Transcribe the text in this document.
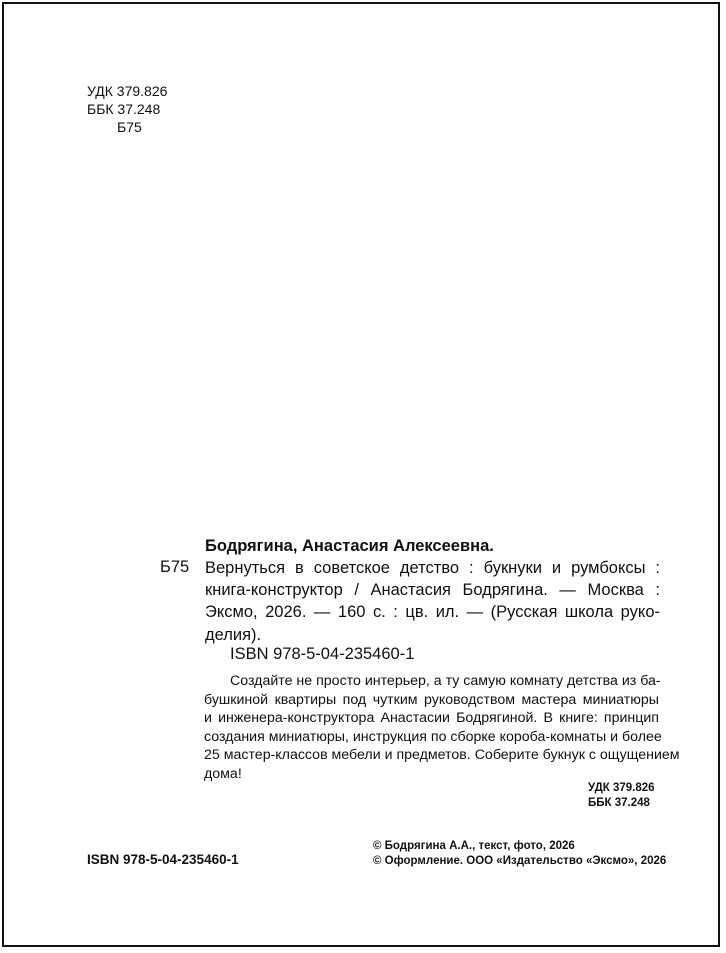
УДК 379.826
ББК 37.248
Б75
Бодрягина, Анастасия Алексеевна.
Б75 Вернуться в советское детство : букнуки и румбоксы :
книга-конструктор / Анастасия Бодрягина. — Москва :
Эксмо, 2026. — 160 с. : цв. ил. — (Русская школа руко-
делия).
ISBN 978-5-04-235460-1
Создайте не просто интерьер, а ту самую комнату детства из ба-
бушкиной квартиры под чутким руководством мастера миниатюры
и инженера-конструктора Анастасии Бодрягиной. В книге: принцип
создания миниатюры, инструкция по сборке короба-комнаты и более
25 мастер-классов мебели и предметов. Соберите букнук с ощущением
дома!
УДК 379.826
ББК 37.248
© Бодрягина А.А., текст, фото, 2026
© Оформление. ООО «Издательство «Эксмо», 2026
ISBN 978-5-04-235460-1
